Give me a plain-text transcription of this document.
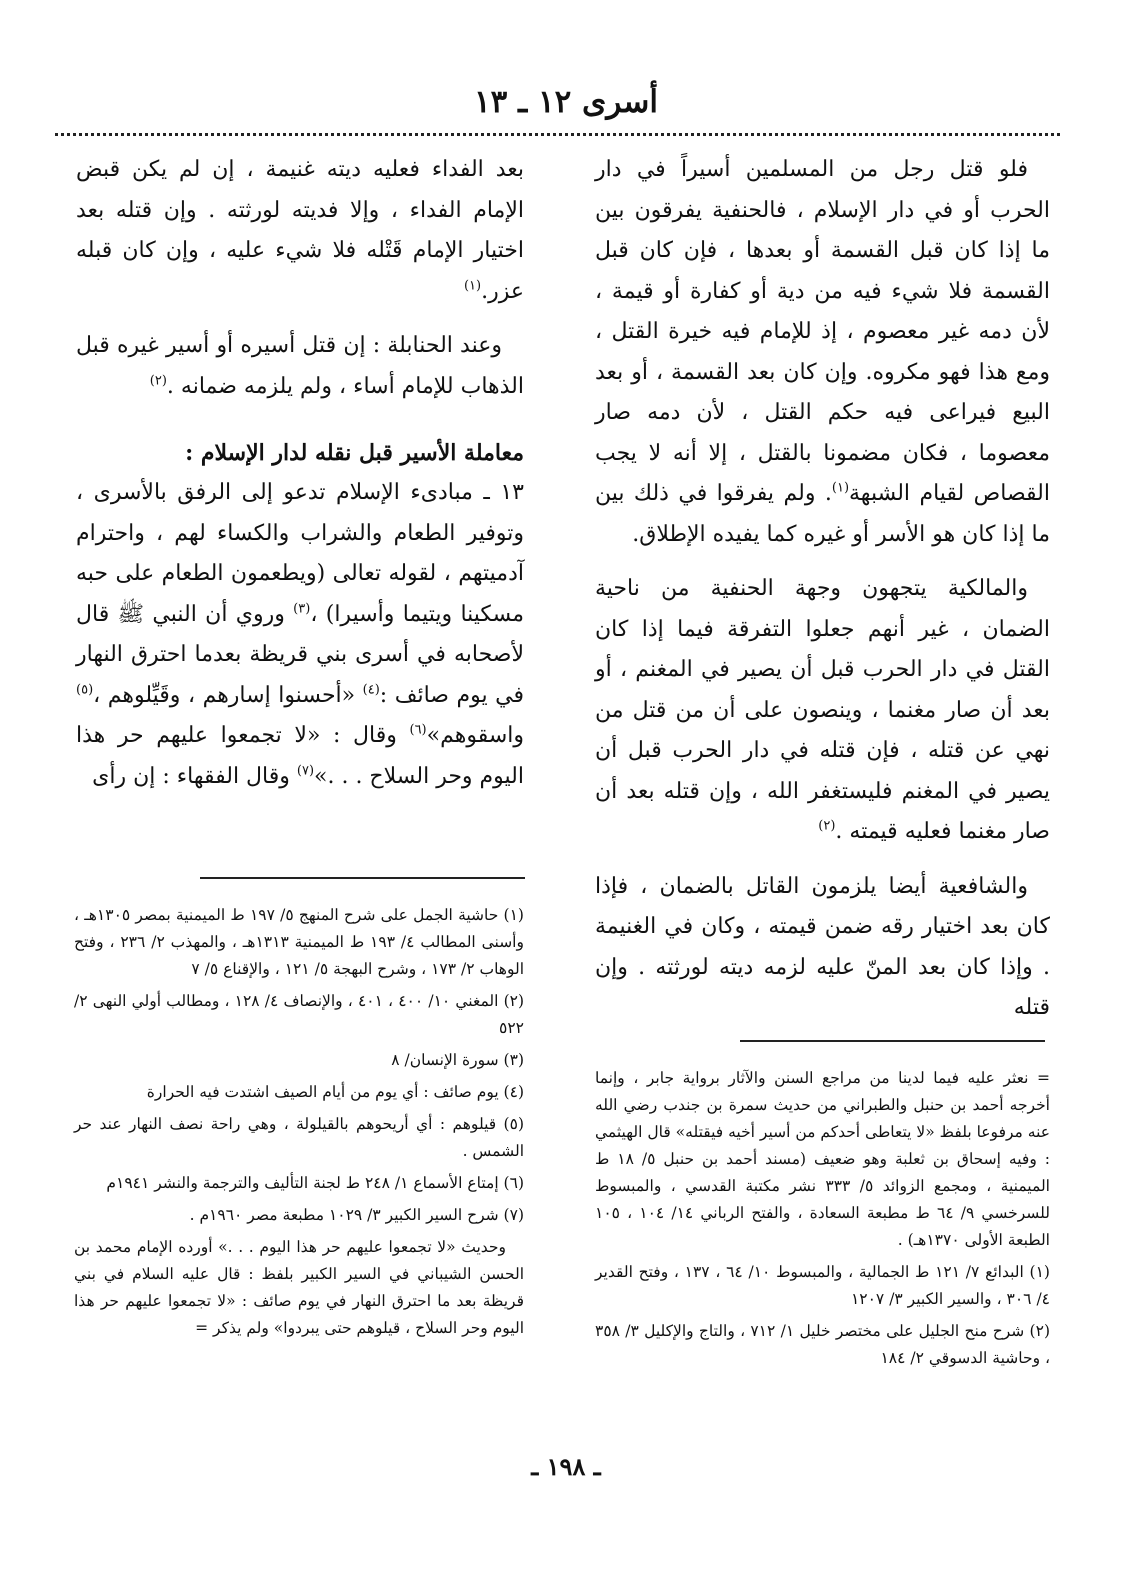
أسرى ١٢ ـ ١٣

فلو قتل رجل من المسلمين أسيراً في دار الحرب أو في دار الإسلام ، فالحنفية يفرقون بين ما إذا كان قبل القسمة أو بعدها ، فإن كان قبل القسمة فلا شيء فيه من دية أو كفارة أو قيمة ، لأن دمه غير معصوم ، إذ للإمام فيه خيرة القتل ، ومع هذا فهو مكروه. وإن كان بعد القسمة ، أو بعد البيع فيراعى فيه حكم القتل ، لأن دمه صار معصوما ، فكان مضمونا بالقتل ، إلا أنه لا يجب القصاص لقيام الشبهة$^{(١)}$. ولم يفرقوا في ذلك بين ما إذا كان هو الأسر أو غيره كما يفيده الإطلاق.

والمالكية يتجهون وجهة الحنفية من ناحية الضمان ، غير أنهم جعلوا التفرقة فيما إذا كان القتل في دار الحرب قبل أن يصير في المغنم ، أو بعد أن صار مغنما ، وينصون على أن من قتل من نهي عن قتله ، فإن قتله في دار الحرب قبل أن يصير في المغنم فليستغفر الله ، وإن قتله بعد أن صار مغنما فعليه قيمته .$^{(٢)}$

والشافعية أيضا يلزمون القاتل بالضمان ، فإذا كان بعد اختيار رقه ضمن قيمته ، وكان في الغنيمة . وإذا كان بعد المنّ عليه لزمه ديته لورثته . وإن قتله

بعد الفداء فعليه ديته غنيمة ، إن لم يكن قبض الإمام الفداء ، وإلا فديته لورثته . وإن قتله بعد اختيار الإمام قَتْله فلا شيء عليه ، وإن كان قبله عزر.$^{(١)}$

وعند الحنابلة : إن قتل أسيره أو أسير غيره قبل الذهاب للإمام أساء ، ولم يلزمه ضمانه .$^{(٢)}$

معاملة الأسير قبل نقله لدار الإسلام :

١٣ ـ مبادىء الإسلام تدعو إلى الرفق بالأسرى ، وتوفير الطعام والشراب والكساء لهم ، واحترام آدميتهم ، لقوله تعالى (ويطعمون الطعام على حبه مسكينا ويتيما وأسيرا) ،$^{(٣)}$ وروي أن النبي ﷺ قال لأصحابه في أسرى بني قريظة بعدما احترق النهار في يوم صائف :$^{(٤)}$ «أحسنوا إسارهم ، وقَيِّلوهم ،$^{(٥)}$ واسقوهم»$^{(٦)}$ وقال : «لا تجمعوا عليهم حر هذا اليوم وحر السلاح . . .»$^{(٧)}$ وقال الفقهاء : إن رأى

(١) حاشية الجمل على شرح المنهج ٥/ ١٩٧ ط الميمنية بمصر ١٣٠٥هـ ، وأسنى المطالب ٤/ ١٩٣ ط الميمنية ١٣١٣هـ ، والمهذب ٢/ ٢٣٦ ، وفتح الوهاب ٢/ ١٧٣ ، وشرح البهجة ٥/ ١٢١ ، والإقناع ٥/ ٧
(٢) المغني ١٠/ ٤٠٠ ، ٤٠١ ، والإنصاف ٤/ ١٢٨ ، ومطالب أولي النهى ٢/ ٥٢٢
(٣) سورة الإنسان/ ٨
(٤) يوم صائف : أي يوم من أيام الصيف اشتدت فيه الحرارة
(٥) قيلوهم : أي أريحوهم بالقيلولة ، وهي راحة نصف النهار عند حر الشمس .
(٦) إمتاع الأسماع ١/ ٢٤٨ ط لجنة التأليف والترجمة والنشر ١٩٤١م
(٧) شرح السير الكبير ٣/ ١٠٢٩ مطبعة مصر ١٩٦٠م .
وحديث «لا تجمعوا عليهم حر هذا اليوم . . .» أورده الإمام محمد بن الحسن الشيباني في السير الكبير بلفظ : قال عليه السلام في بني قريظة بعد ما احترق النهار في يوم صائف : «لا تجمعوا عليهم حر هذا اليوم وحر السلاح ، قيلوهم حتى يبردوا» ولم يذكر =
= نعثر عليه فيما لدينا من مراجع السنن والآثار برواية جابر ، وإنما أخرجه أحمد بن حنبل والطبراني من حديث سمرة بن جندب رضي الله عنه مرفوعا بلفظ «لا يتعاطى أحدكم من أسير أخيه فيقتله» قال الهيثمي : وفيه إسحاق بن ثعلبة وهو ضعيف (مسند أحمد بن حنبل ٥/ ١٨ ط الميمنية ، ومجمع الزوائد ٥/ ٣٣٣ نشر مكتبة القدسي ، والمبسوط للسرخسي ٩/ ٦٤ ط مطبعة السعادة ، والفتح الرباني ١٤/ ١٠٤ ، ١٠٥ الطبعة الأولى ١٣٧٠هـ) .
(١) البدائع ٧/ ١٢١ ط الجمالية ، والمبسوط ١٠/ ٦٤ ، ١٣٧ ، وفتح القدير ٤/ ٣٠٦ ، والسير الكبير ٣/ ١٢٠٧
(٢) شرح منح الجليل على مختصر خليل ١/ ٧١٢ ، والتاج والإكليل ٣/ ٣٥٨ ، وحاشية الدسوقي ٢/ ١٨٤
ـ ١٩٨ ـ
